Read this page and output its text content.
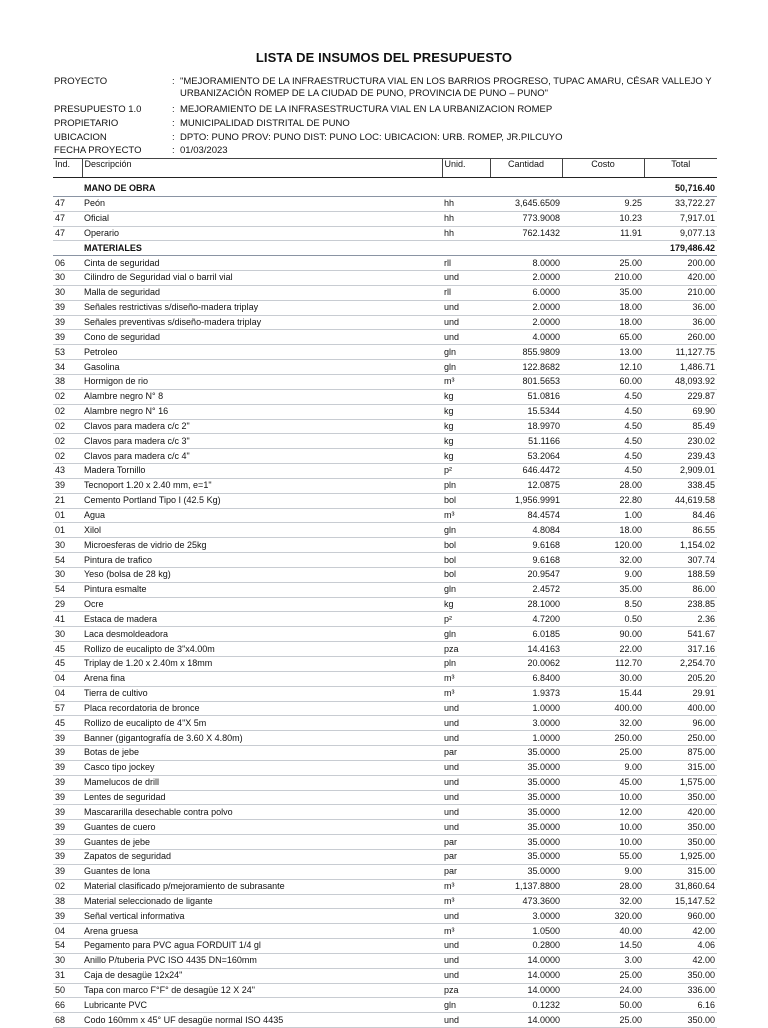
LISTA DE INSUMOS DEL PRESUPUESTO
PROYECTO	: "MEJORAMIENTO DE LA INFRAESTRUCTURA VIAL EN LOS BARRIOS PROGRESO, TUPAC AMARU, CÉSAR VALLEJO Y URBANIZACIÓN ROMEP DE LA CIUDAD DE PUNO, PROVINCIA DE PUNO – PUNO"
PRESUPUESTO 1.0	: MEJORAMIENTO DE LA INFRASESTRUCTURA VIAL EN LA URBANIZACION ROMEP
PROPIETARIO	: MUNICIPALIDAD DISTRITAL DE PUNO
UBICACION	: DPTO: PUNO PROV: PUNO DIST: PUNO LOC: UBICACION: URB. ROMEP, JR.PILCUYO
FECHA PROYECTO	: 01/03/2023
Ind.	Descripción	Unid.	Cantidad	Costo	Total

	MANO DE OBRA				50,716.40
47	Peón	hh	3,645.6509	9.25	33,722.27
47	Oficial	hh	773.9008	10.23	7,917.01
47	Operario	hh	762.1432	11.91	9,077.13
	MATERIALES				179,486.42
06	Cinta de seguridad	rll	8.0000	25.00	200.00
30	Cilindro de Seguridad vial o barril vial	und	2.0000	210.00	420.00
30	Malla de seguridad	rll	6.0000	35.00	210.00
39	Señales restrictivas s/diseño-madera triplay	und	2.0000	18.00	36.00
39	Señales preventivas s/diseño-madera triplay	und	2.0000	18.00	36.00
39	Cono de seguridad	und	4.0000	65.00	260.00
53	Petroleo	gln	855.9809	13.00	11,127.75
34	Gasolina	gln	122.8682	12.10	1,486.71
38	Hormigon de rio	m³	801.5653	60.00	48,093.92
02	Alambre negro N° 8	kg	51.0816	4.50	229.87
02	Alambre negro N° 16	kg	15.5344	4.50	69.90
02	Clavos para madera c/c 2"	kg	18.9970	4.50	85.49
02	Clavos para madera c/c 3"	kg	51.1166	4.50	230.02
02	Clavos para madera c/c 4"	kg	53.2064	4.50	239.43
43	Madera Tornillo	p²	646.4472	4.50	2,909.01
39	Tecnoport 1.20 x 2.40 mm, e=1"	pln	12.0875	28.00	338.45
21	Cemento Portland Tipo I (42.5 Kg)	bol	1,956.9991	22.80	44,619.58
01	Agua	m³	84.4574	1.00	84.46
01	Xilol	gln	4.8084	18.00	86.55
30	Microesferas de vidrio de 25kg	bol	9.6168	120.00	1,154.02
54	Pintura de trafico	bol	9.6168	32.00	307.74
30	Yeso (bolsa de 28 kg)	bol	20.9547	9.00	188.59
54	Pintura esmalte	gln	2.4572	35.00	86.00
29	Ocre	kg	28.1000	8.50	238.85
41	Estaca de madera	p²	4.7200	0.50	2.36
30	Laca desmoldeadora	gln	6.0185	90.00	541.67
45	Rollizo de eucalipto de 3"x4.00m	pza	14.4163	22.00	317.16
45	Triplay de 1.20 x 2.40m x 18mm	pln	20.0062	112.70	2,254.70
04	Arena fina	m³	6.8400	30.00	205.20
04	Tierra de cultivo	m³	1.9373	15.44	29.91
57	Placa recordatoria de bronce	und	1.0000	400.00	400.00
45	Rollizo de eucalipto de 4"X 5m	und	3.0000	32.00	96.00
39	Banner (gigantografía de 3.60 X 4.80m)	und	1.0000	250.00	250.00
39	Botas de jebe	par	35.0000	25.00	875.00
39	Casco tipo jockey	und	35.0000	9.00	315.00
39	Mamelucos de drill	und	35.0000	45.00	1,575.00
39	Lentes de seguridad	und	35.0000	10.00	350.00
39	Mascararilla desechable contra polvo	und	35.0000	12.00	420.00
39	Guantes de cuero	und	35.0000	10.00	350.00
39	Guantes de jebe	par	35.0000	10.00	350.00
39	Zapatos de seguridad	par	35.0000	55.00	1,925.00
39	Guantes de lona	par	35.0000	9.00	315.00
02	Material clasificado p/mejoramiento de subrasante	m³	1,137.8800	28.00	31,860.64
38	Material seleccionado de ligante	m³	473.3600	32.00	15,147.52
39	Señal vertical informativa	und	3.0000	320.00	960.00
04	Arena gruesa	m³	1.0500	40.00	42.00
54	Pegamento para PVC agua FORDUIT 1/4 gl	und	0.2800	14.50	4.06
30	Anillo P/tuberia PVC ISO 4435 DN=160mm	und	14.0000	3.00	42.00
31	Caja de desagüe 12x24"	und	14.0000	25.00	350.00
50	Tapa con marco F°F° de desagüe 12 X 24"	pza	14.0000	24.00	336.00
66	Lubricante PVC	gln	0.1232	50.00	6.16
68	Codo 160mm x 45° UF desagüe normal ISO 4435	und	14.0000	25.00	350.00
